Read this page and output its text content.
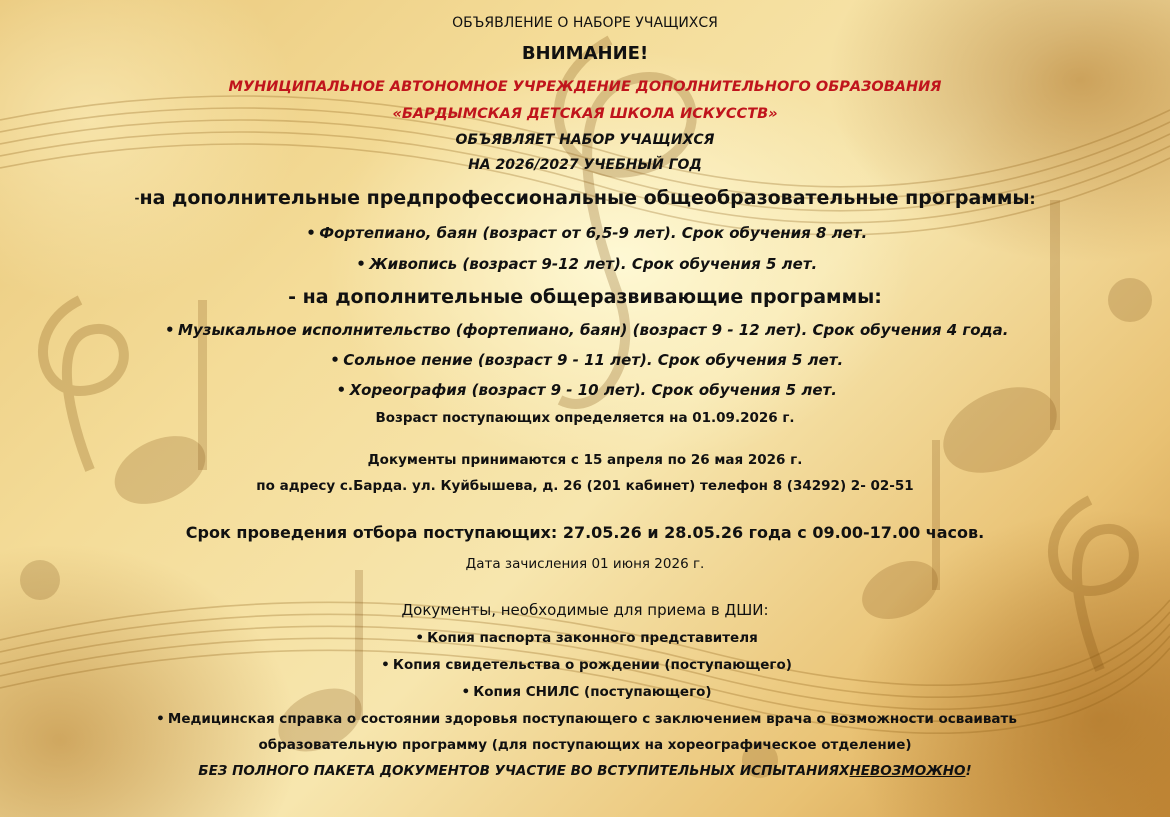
ОБЪЯВЛЕНИЕ О НАБОРЕ УЧАЩИХСЯ
ВНИМАНИЕ!
МУНИЦИПАЛЬНОЕ АВТОНОМНОЕ УЧРЕЖДЕНИЕ ДОПОЛНИТЕЛЬНОГО ОБРАЗОВАНИЯ
«БАРДЫМСКАЯ ДЕТСКАЯ ШКОЛА ИСКУССТВ»
ОБЪЯВЛЯЕТ НАБОР УЧАЩИХСЯ
НА 2026/2027 УЧЕБНЫЙ ГОД
-на дополнительные предпрофессиональные общеобразовательные программы:
• Фортепиано, баян (возраст от 6,5-9 лет). Срок обучения 8 лет.
• Живопись (возраст 9-12 лет). Срок обучения 5 лет.
- на дополнительные общеразвивающие программы:
• Музыкальное исполнительство (фортепиано, баян) (возраст 9 - 12 лет). Срок обучения 4 года.
• Сольное пение (возраст 9 - 11 лет). Срок обучения 5 лет.
• Хореография (возраст 9 - 10 лет). Срок обучения 5 лет.
Возраст поступающих определяется на 01.09.2026 г.
Документы принимаются с 15 апреля по 26 мая 2026 г.
по адресу с.Барда. ул. Куйбышева, д. 26 (201 кабинет) телефон 8 (34292) 2- 02-51
Срок проведения отбора поступающих: 27.05.26 и 28.05.26 года с 09.00-17.00 часов.
Дата зачисления 01 июня 2026 г.
Документы, необходимые для приема в ДШИ:
• Копия паспорта законного представителя
• Копия свидетельства о рождении (поступающего)
• Копия СНИЛС (поступающего)
• Медицинская справка о состоянии здоровья поступающего с заключением врача о возможности осваивать
образовательную программу (для поступающих на хореографическое отделение)
БЕЗ ПОЛНОГО ПАКЕТА ДОКУМЕНТОВ УЧАСТИЕ ВО ВСТУПИТЕЛЬНЫХ ИСПЫТАНИЯХНЕВОЗМОЖНО!
